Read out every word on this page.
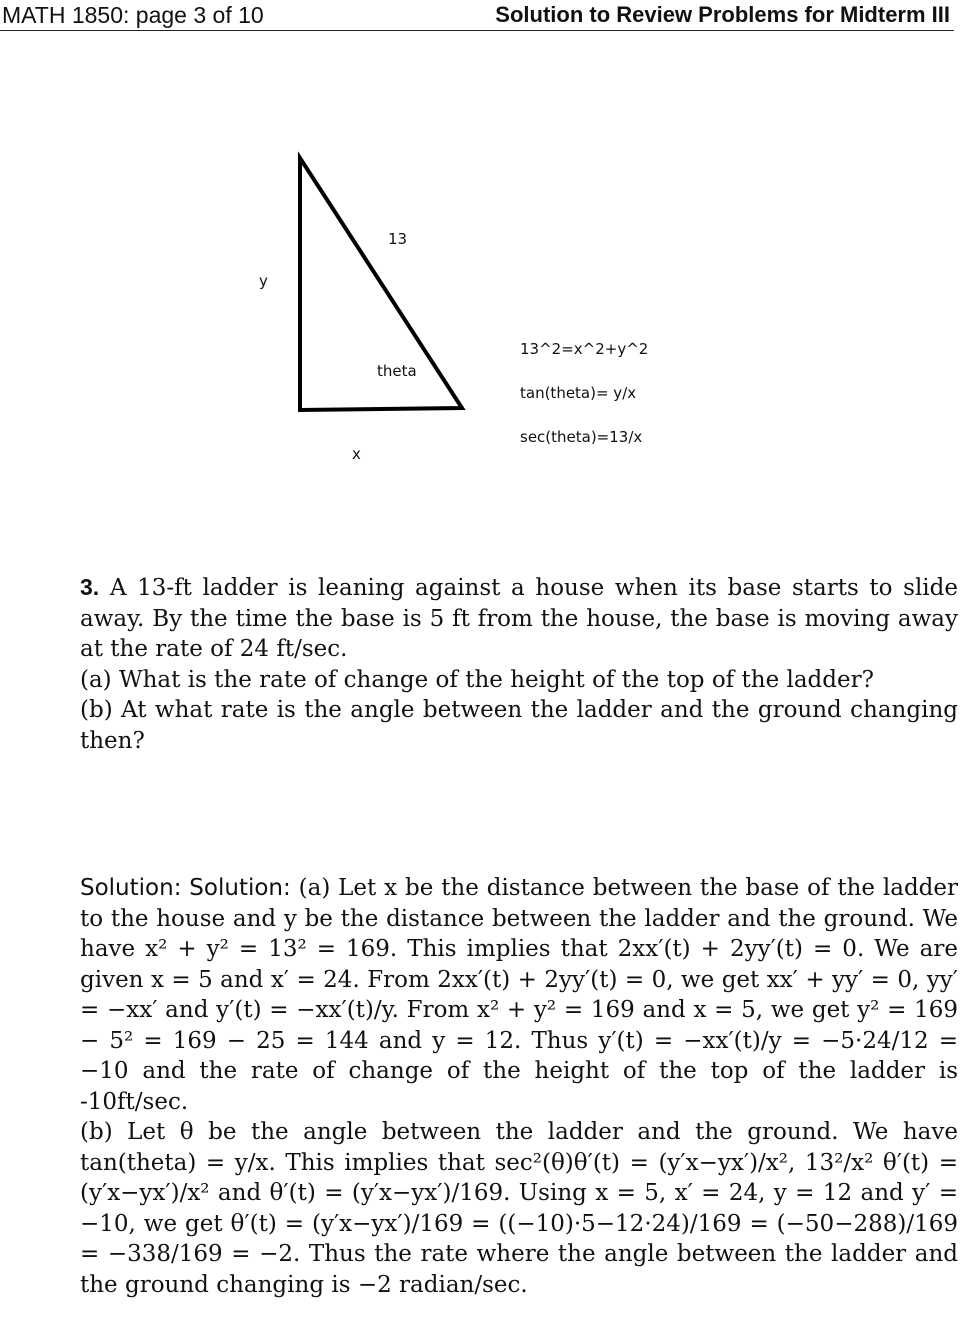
MATH 1850: page 3 of 10	Solution to Review Problems for Midterm III
13
y
theta
x
13^2=x^2+y^2
tan(theta)= y/x
sec(theta)=13/x

3. A 13-ft ladder is leaning against a house when its base starts to slide away. By the time the base is 5 ft from the house, the base is moving away at the rate of 24 ft/sec.

(a) What is the rate of change of the height of the top of the ladder?

(b) At what rate is the angle between the ladder and the ground changing then?

Solution: Solution: (a) Let x be the distance between the base of the ladder to the house and y be the distance between the ladder and the ground. We have x² + y² = 13² = 169. This implies that 2xx′(t) + 2yy′(t) = 0. We are given x = 5 and x′ = 24. From 2xx′(t) + 2yy′(t) = 0, we get xx′ + yy′ = 0, yy′ = −xx′ and y′(t) = −xx′(t)/y. From x² + y² = 169 and x = 5, we get y² = 169 − 5² = 169 − 25 = 144 and y = 12. Thus y′(t) = −xx′(t)/y = −5·24/12 = −10 and the rate of change of the height of the top of the ladder is -10ft/sec.

(b) Let θ be the angle between the ladder and the ground. We have tan(theta) = y/x. This implies that sec²(θ)θ′(t) = (y′x−yx′)/x², 13²/x² θ′(t) = (y′x−yx′)/x² and θ′(t) = (y′x−yx′)/169. Using x = 5, x′ = 24, y = 12 and y′ = −10, we get θ′(t) = (y′x−yx′)/169 = ((−10)·5−12·24)/169 = (−50−288)/169 = −338/169 = −2. Thus the rate where the angle between the ladder and the ground changing is −2 radian/sec.
